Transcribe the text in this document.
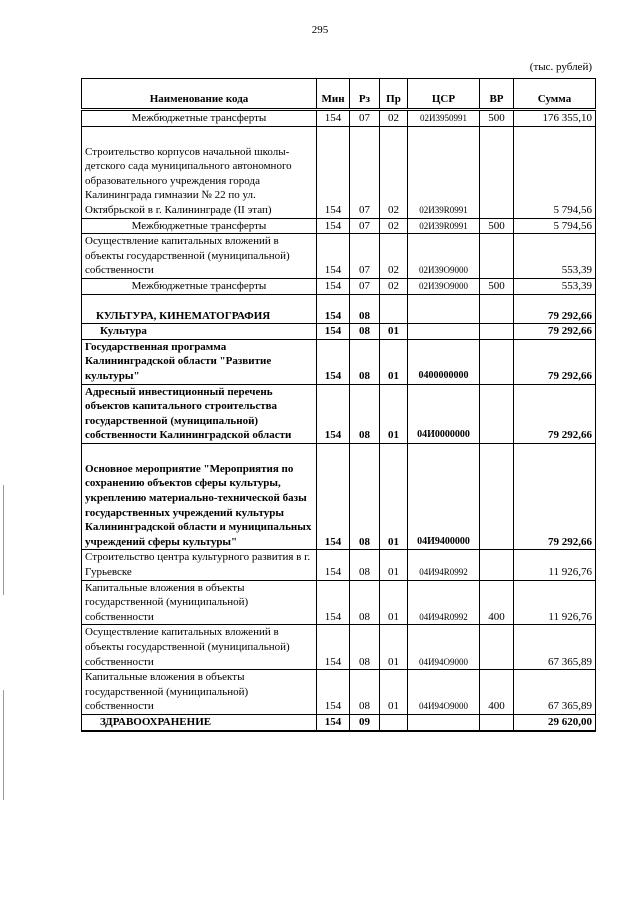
295
(тыс. рублей)
Наименование кода	Мин	Рз	Пр	ЦСР	ВР	Сумма
Межбюджетные трансферты	154	07	02	02И3950991	500	176 355,10
Строительство корпусов начальной школы-детского сада муниципального автономного образовательного учреждения города Калининграда гимназии № 22 по ул. Октябрьской в г. Калининграде (II этап)	154	07	02	02И39R0991		5 794,56
Межбюджетные трансферты	154	07	02	02И39R0991	500	5 794,56
Осуществление капитальных вложений в объекты государственной (муниципальной) собственности	154	07	02	02И39О9000		553,39
Межбюджетные трансферты	154	07	02	02И39О9000	500	553,39
КУЛЬТУРА, КИНЕМАТОГРАФИЯ	154	08				79 292,66
Культура	154	08	01			79 292,66
Государственная программа Калининградской области "Развитие культуры"	154	08	01	0400000000		79 292,66
Адресный инвестиционный перечень объектов капитального строительства государственной (муниципальной) собственности Калининградской области	154	08	01	04И0000000		79 292,66
Основное мероприятие "Мероприятия по сохранению объектов сферы культуры, укреплению материально-технической базы государственных учреждений культуры Калининградской области и муниципальных учреждений сферы культуры"	154	08	01	04И9400000		79 292,66
Строительство центра культурного развития в г. Гурьевске	154	08	01	04И94R0992		11 926,76
Капитальные вложения в объекты государственной (муниципальной) собственности	154	08	01	04И94R0992	400	11 926,76
Осуществление капитальных вложений в объекты государственной (муниципальной) собственности	154	08	01	04И94О9000		67 365,89
Капитальные вложения в объекты государственной (муниципальной) собственности	154	08	01	04И94О9000	400	67 365,89
ЗДРАВООХРАНЕНИЕ	154	09				29 620,00
